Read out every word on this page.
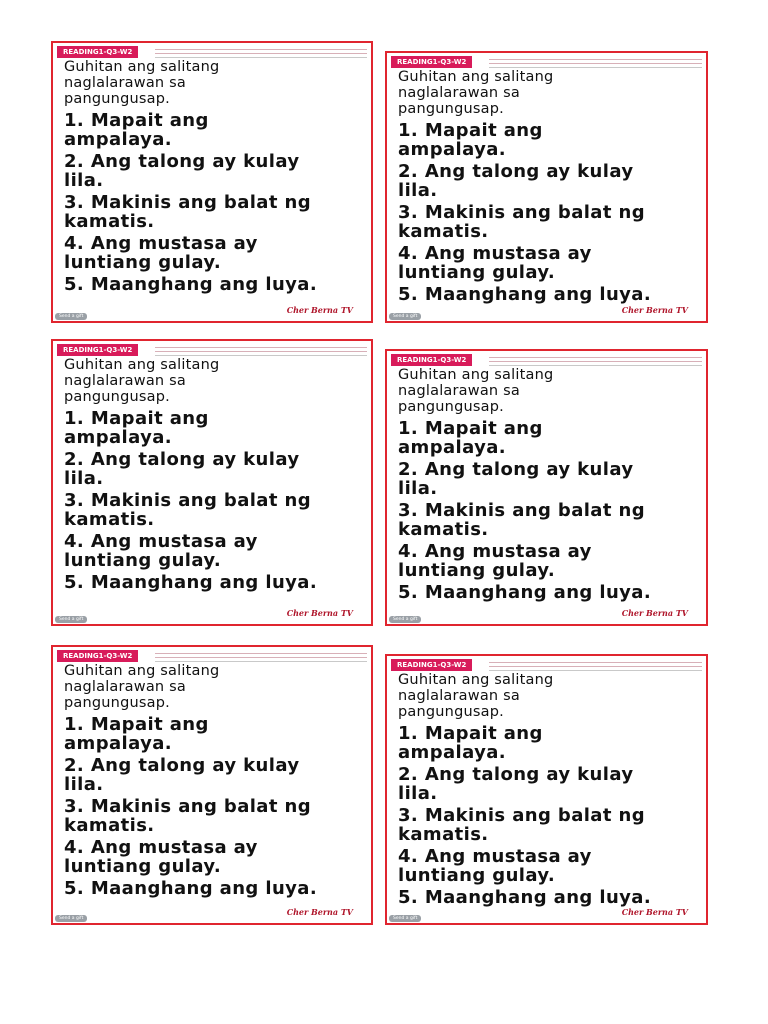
READING1-Q3-W2

Guhitan ang salitang
naglalarawan sa
pangungusap.

1. Mapait ang
ampalaya.
2. Ang talong ay kulay
lila.
3. Makinis ang balat ng
kamatis.
4. Ang mustasa ay
luntiang gulay.
5. Maanghang ang luya.
Cher Berna TV
Send a gift
READING1-Q3-W2

Guhitan ang salitang
naglalarawan sa
pangungusap.

1. Mapait ang
ampalaya.
2. Ang talong ay kulay
lila.
3. Makinis ang balat ng
kamatis.
4. Ang mustasa ay
luntiang gulay.
5. Maanghang ang luya.
Cher Berna TV
Send a gift
READING1-Q3-W2

Guhitan ang salitang
naglalarawan sa
pangungusap.

1. Mapait ang
ampalaya.
2. Ang talong ay kulay
lila.
3. Makinis ang balat ng
kamatis.
4. Ang mustasa ay
luntiang gulay.
5. Maanghang ang luya.
Cher Berna TV
Send a gift
READING1-Q3-W2

Guhitan ang salitang
naglalarawan sa
pangungusap.

1. Mapait ang
ampalaya.
2. Ang talong ay kulay
lila.
3. Makinis ang balat ng
kamatis.
4. Ang mustasa ay
luntiang gulay.
5. Maanghang ang luya.
Cher Berna TV
Send a gift
READING1-Q3-W2

Guhitan ang salitang
naglalarawan sa
pangungusap.

1. Mapait ang
ampalaya.
2. Ang talong ay kulay
lila.
3. Makinis ang balat ng
kamatis.
4. Ang mustasa ay
luntiang gulay.
5. Maanghang ang luya.
Cher Berna TV
Send a gift
READING1-Q3-W2

Guhitan ang salitang
naglalarawan sa
pangungusap.

1. Mapait ang
ampalaya.
2. Ang talong ay kulay
lila.
3. Makinis ang balat ng
kamatis.
4. Ang mustasa ay
luntiang gulay.
5. Maanghang ang luya.
Cher Berna TV
Send a gift
